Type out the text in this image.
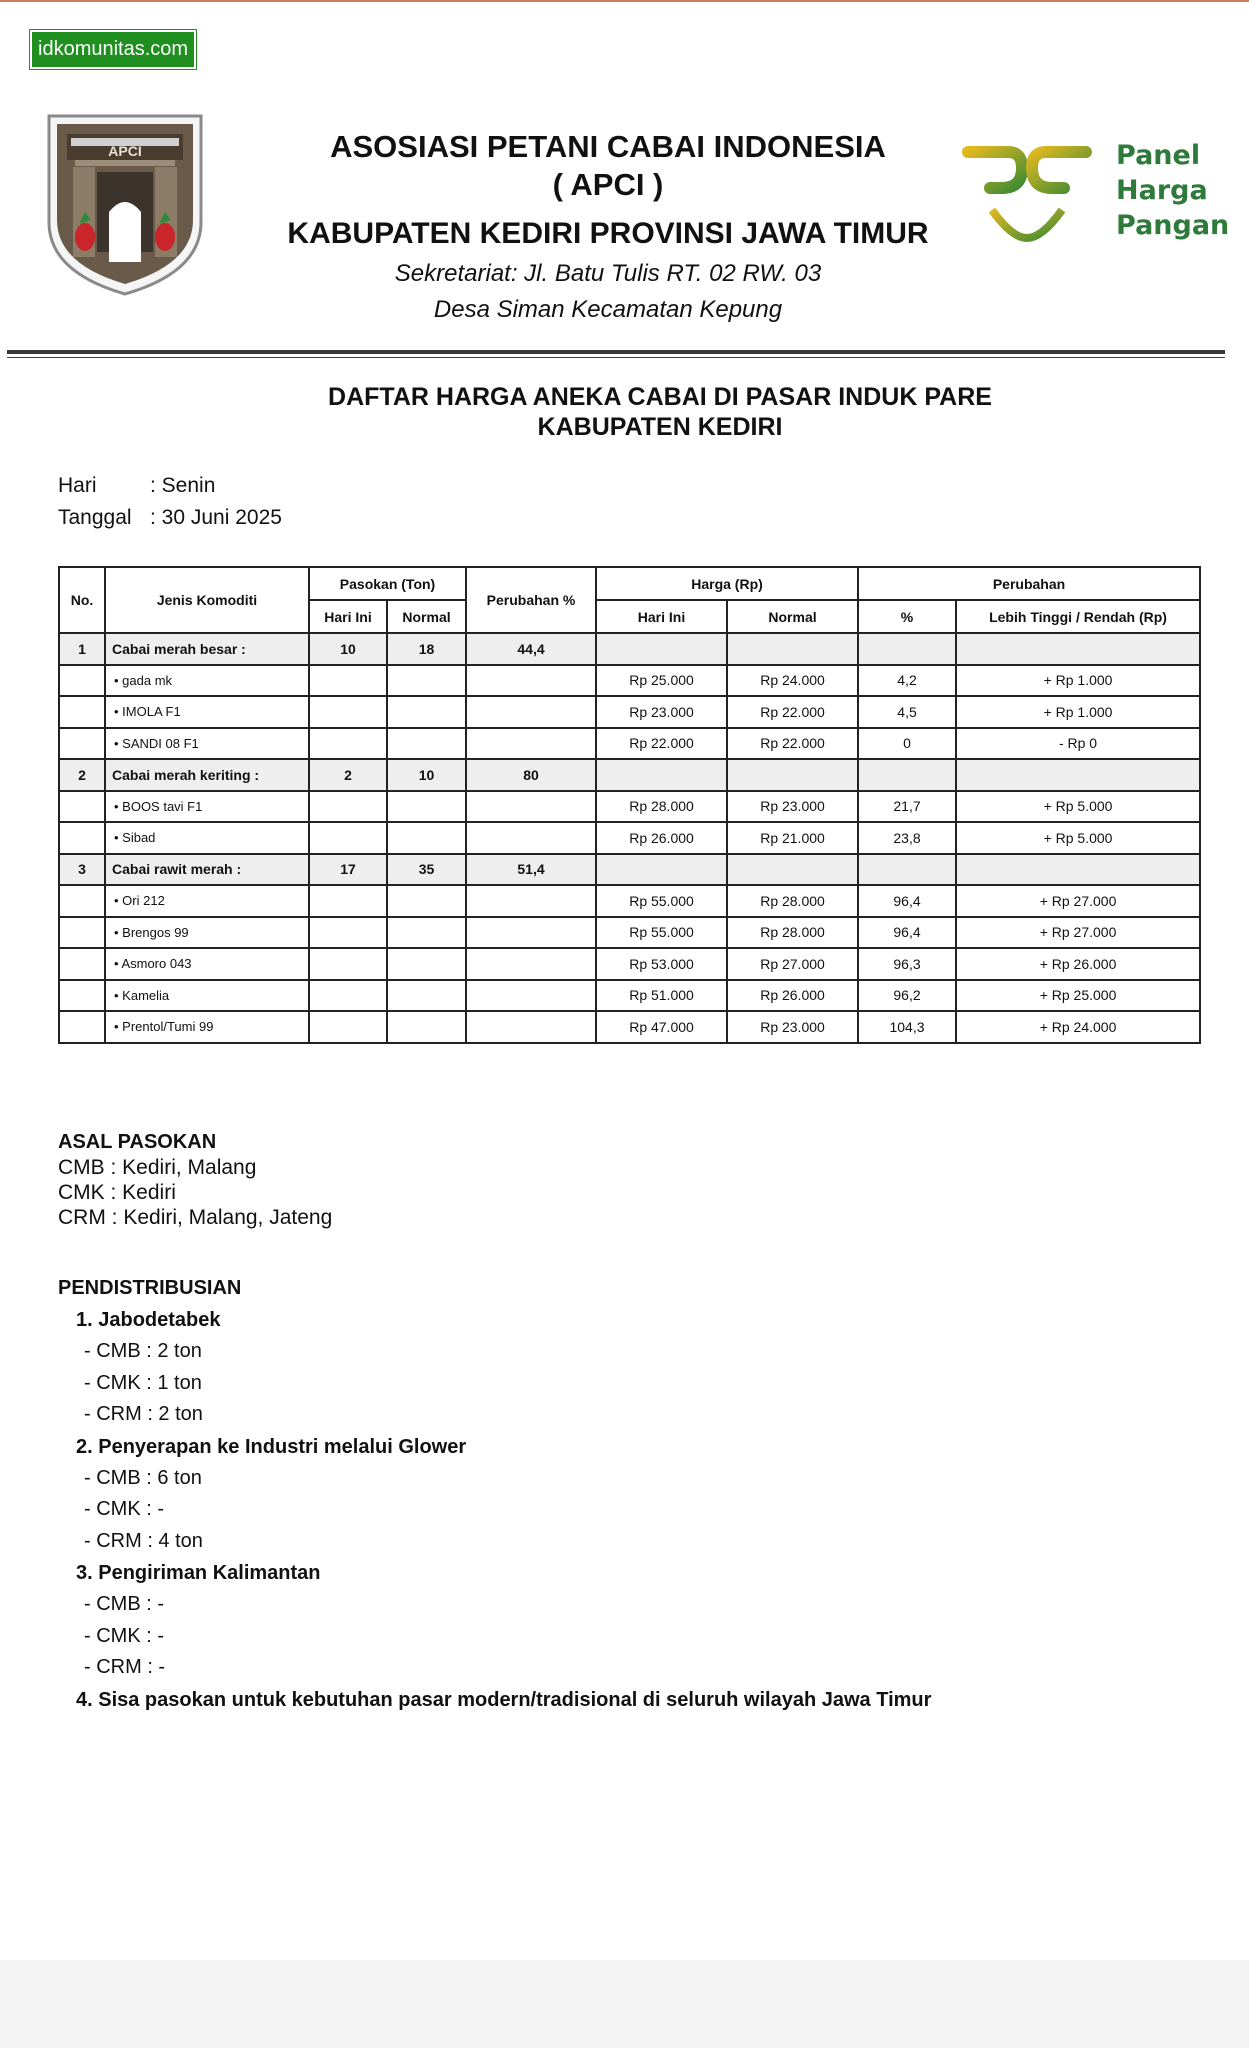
idkomunitas.com
APCI	ASOSIASI PETANI CABAI INDONESIA

( APCI )

KABUPATEN KEDIRI PROVINSI JAWA TIMUR
Sekretariat: Jl. Batu Tulis RT. 02 RW. 03
Desa Siman Kecamatan Kepung
Panel
Harga
Pangan
DAFTAR HARGA ANEKA CABAI DI PASAR INDUK PARE
KABUPATEN KEDIRI
Hari	: Senin
Tanggal : 30 Juni 2025
No.	Jenis Komoditi	Pasokan (Ton)		Perubahan %	Harga (Rp)		Perubahan	
		Hari Ini	Normal		Hari Ini	Normal	%	Lebih Tinggi / Rendah (Rp)
1	Cabai merah besar :	10	18	44,4				
	• gada mk				Rp 25.000	Rp 24.000	4,2	+ Rp 1.000
	• IMOLA F1				Rp 23.000	Rp 22.000	4,5	+ Rp 1.000
	• SANDI 08 F1				Rp 22.000	Rp 22.000	0	- Rp 0
2	Cabai merah keriting :	2	10	80				
	• BOOS tavi F1				Rp 28.000	Rp 23.000	21,7	+ Rp 5.000
	• Sibad				Rp 26.000	Rp 21.000	23,8	+ Rp 5.000
3	Cabai rawit merah :	17	35	51,4				
	• Ori 212				Rp 55.000	Rp 28.000	96,4	+ Rp 27.000
	• Brengos 99				Rp 55.000	Rp 28.000	96,4	+ Rp 27.000
	• Asmoro 043				Rp 53.000	Rp 27.000	96,3	+ Rp 26.000
	• Kamelia				Rp 51.000	Rp 26.000	96,2	+ Rp 25.000
	• Prentol/Tumi 99				Rp 47.000	Rp 23.000	104,3	+ Rp 24.000
ASAL PASOKAN
CMB : Kediri, Malang
CMK : Kediri
CRM : Kediri, Malang, Jateng
PENDISTRIBUSIAN
1. Jabodetabek
- CMB : 2 ton
- CMK : 1 ton
- CRM : 2 ton
2. Penyerapan ke Industri melalui Glower
- CMB : 6 ton
- CMK : -
- CRM : 4 ton
3. Pengiriman Kalimantan
- CMB : -
- CMK : -
- CRM : -
4. Sisa pasokan untuk kebutuhan pasar modern/tradisional di seluruh wilayah Jawa Timur
